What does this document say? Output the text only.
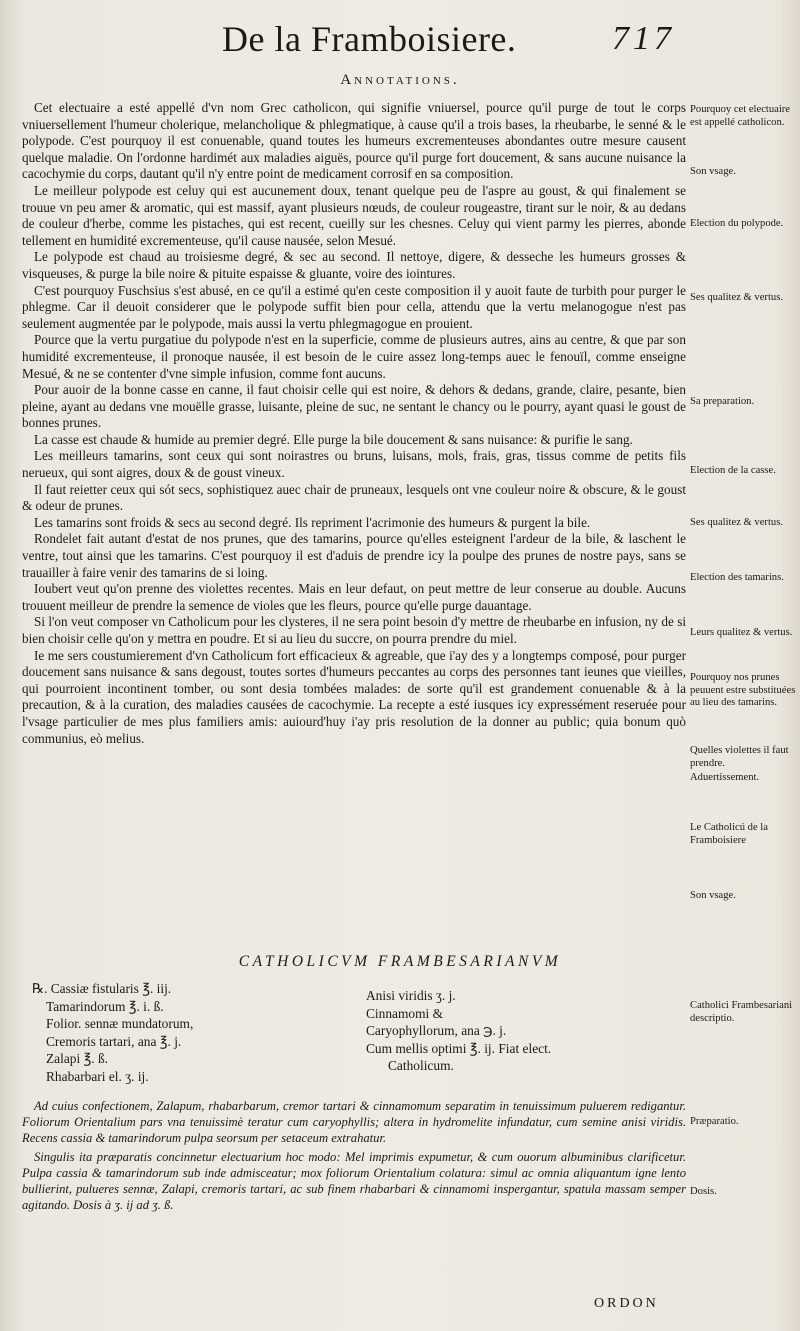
De la Framboisiere.	717
Annotations.

Cet electuaire a esté appellé d'vn nom Grec catholicon, qui signifie vniuersel, pource qu'il purge de tout le corps vniuersellement l'humeur cholerique, melancholique & phlegmatique, à cause qu'il a trois bases, la rheubarbe, le senné & le polypode. C'est pourquoy il est conuenable, quand toutes les humeurs excrementeuses abondantes outre mesure causent quelque maladie. On l'ordonne hardimét aux maladies aiguës, pource qu'il purge fort doucement, & sans aucune nuisance la cacochymie du corps, dautant qu'il n'y entre point de medicament corrosif en sa composition.

Le meilleur polypode est celuy qui est aucunement doux, tenant quelque peu de l'aspre au goust, & qui finalement se trouue vn peu amer & aromatic, qui est massif, ayant plusieurs nœuds, de couleur rougeastre, tirant sur le noir, & au dedans de couleur d'herbe, comme les pistaches, qui est recent, cueilly sur les chesnes. Celuy qui vient parmy les pierres, abonde tellement en humidité excrementeuse, qu'il cause nausée, selon Mesué.

Le polypode est chaud au troisiesme degré, & sec au second. Il nettoye, digere, & desseche les humeurs grosses & visqueuses, & purge la bile noire & pituite espaisse & gluante, voire des iointures.

C'est pourquoy Fuschsius s'est abusé, en ce qu'il a estimé qu'en ceste composition il y auoit faute de turbith pour purger le phlegme. Car il deuoit considerer que le polypode suffit bien pour cella, attendu que la vertu melanogogue n'est pas seulement augmentée par le polypode, mais aussi la vertu phlegmagogue en prouient.

Pource que la vertu purgatiue du polypode n'est en la superficie, comme de plusieurs autres, ains au centre, & que par son humidité excrementeuse, il pronoque nausée, il est besoin de le cuire assez long-temps auec le fenouïl, comme enseigne Mesué, & ne se contenter d'vne simple infusion, comme font aucuns.

Pour auoir de la bonne casse en canne, il faut choisir celle qui est noire, & dehors & dedans, grande, claire, pesante, bien pleine, ayant au dedans vne mouëlle grasse, luisante, pleine de suc, ne sentant le chancy ou le pourry, ayant quasi le goust de bonnes prunes.

La casse est chaude & humide au premier degré. Elle purge la bile doucement & sans nuisance: & purifie le sang.

Les meilleurs tamarins, sont ceux qui sont noirastres ou bruns, luisans, mols, frais, gras, tissus comme de petits fils nerueux, qui sont aigres, doux & de goust vineux.

Il faut reietter ceux qui sót secs, sophistiquez auec chair de pruneaux, lesquels ont vne couleur noire & obscure, & le goust & odeur de prunes.

Les tamarins sont froids & secs au second degré. Ils repriment l'acrimonie des humeurs & purgent la bile.

Rondelet fait autant d'estat de nos prunes, que des tamarins, pource qu'elles esteignent l'ardeur de la bile, & laschent le ventre, tout ainsi que les tamarins. C'est pourquoy il est d'aduis de prendre icy la poulpe des prunes de nostre pays, sans se trauailler à faire venir des tamarins de si loing.

Ioubert veut qu'on prenne des violettes recentes. Mais en leur defaut, on peut mettre de leur conserue au double. Aucuns trouuent meilleur de prendre la semence de violes que les fleurs, pource qu'elle purge dauantage.

Si l'on veut composer vn Catholicum pour les clysteres, il ne sera point besoin d'y mettre de rheubarbe en infusion, ny de si bien choisir celle qu'on y mettra en poudre. Et si au lieu du succre, on pourra prendre du miel.

Ie me sers coustumierement d'vn Catholicum fort efficacieux & agreable, que i'ay des y a longtemps composé, pour purger doucement sans nuisance & sans degoust, toutes sortes d'humeurs peccantes au corps des personnes tant ieunes que vieilles, qui pourroient incontinent tomber, ou sont desia tombées malades: de sorte qu'il est grandement conuenable & à la precaution, & à la curation, des maladies causées de cacochymie. La recepte a esté iusques icy expressément reseruée pour l'vsage particulier de mes plus familiers amis: auiourd'huy i'ay pris resolution de la donner au public; quia bonum quò communius, eò melius.

Pourquoy cet electuaire est appellé catholicon.
Son vsage.
Election du polypode.
Ses qualitez & vertus.
Sa preparation.
Election de la casse.
Ses qualitez & vertus.
Election des tamarins.
Leurs qualitez & vertus.
Pourquoy nos prunes peuuent estre substituées au lieu des tamarins.
Quelles violettes il faut prendre.
Aduertissement.
Le Catholicú de la Framboisiere
Son vsage.
Catholici Frambesariani descriptio.
Præparatio.
Dosis.
CATHOLICVM FRAMBESARIANVM
℞. Cassiæ fistularis ℥. iij.
Tamarindorum ℥. i. ß.
Folior. sennæ mundatorum,
Cremoris tartari, ana ℥. j.
Zalapi ℥. ß.
Rhabarbari el. ʒ. ij.
Anisi viridis ʒ. j.
Cinnamomi &
Caryophyllorum, ana ℈. j.
Cum mellis optimi ℥. ij. Fiat elect.
Catholicum.

Ad cuius confectionem, Zalapum, rhabarbarum, cremor tartari & cinnamomum separatim in tenuissimum puluerem redigantur. Foliorum Orientalium pars vna tenuissimè teratur cum caryophyllis; altera in hydromelite infundatur, cum semine anisi viridis. Recens cassia & tamarindorum pulpa seorsum per setaceum extrahatur.

Singulis ita præparatis concinnetur electuarium hoc modo: Mel imprimis expumetur, & cum ouorum albuminibus clarificetur. Pulpa cassia & tamarindorum sub inde admisceatur; mox foliorum Orientalium colatura: simul ac omnia aliquantum igne lento bullierint, pulueres sennæ, Zalapi, cremoris tartari, ac sub finem rhabarbari & cinnamomi inspergantur, spatula massam semper agitando. Dosis à ʒ. ij ad ʒ. ß.

ORDON
